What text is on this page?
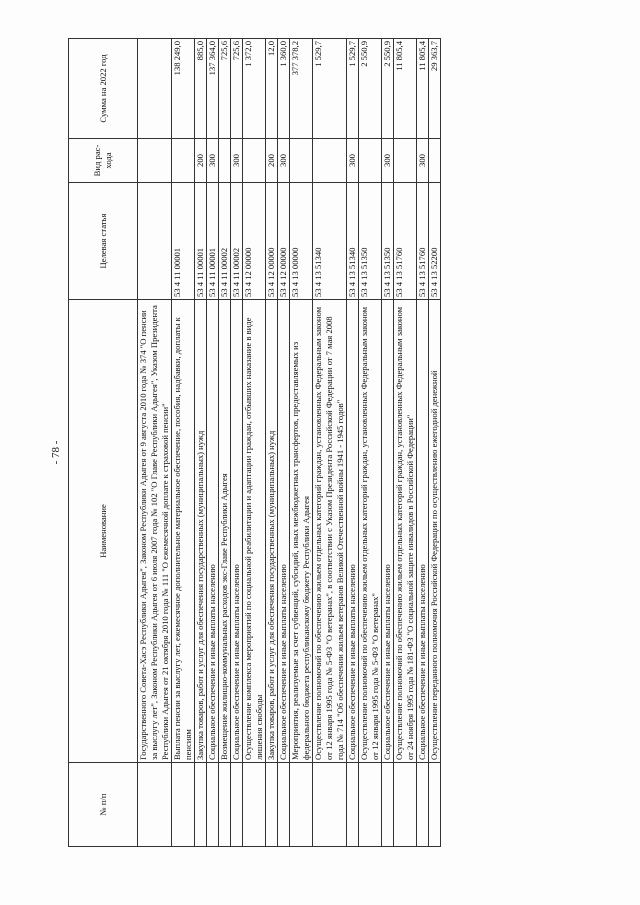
- 78 -
№ п/п	Наименование	Целевая статья	Вид рас-хода	Сумма на 2022 год
	Государственного Совета-Хасэ Республики Адыгея", Законом Республики Адыгея от 9 августа 2010 года № 374 "О пенсии за выслугу лет", Законом Республики Адыгея от 6 июля 2007 года № 102 "О Главе Республики Адыгея", Указом Президента Республики Адыгея от 21 октября 2010 года № 111 "О ежемесячной доплате к страховой пенсии"			
	Выплата пенсии за выслугу лет, ежемесячное дополнительное материальное обеспечение, пособия, надбавки, доплаты к пенсиям	53 4 11 00001		138 249,0
	Закупка товаров, работ и услуг для обеспечения государственных (муниципальных) нужд	53 4 11 00001	200	885,0
	Социальное обеспечение и иные выплаты населению	53 4 11 00001	300	137 364,0
	Возмещение жилищно-коммунальных расходов экс-Главе Республики Адыгея	53 4 11 00002		725,6
	Социальное обеспечение и иные выплаты населению	53 4 11 00002	300	725,6
	Осуществление комплекса мероприятий по социальной реабилитации и адаптации граждан, отбывших наказание в виде лишения свободы	53 4 12 00000		1 372,0
	Закупка товаров, работ и услуг для обеспечения государственных (муниципальных) нужд	53 4 12 00000	200	12,0
	Социальное обеспечение и иные выплаты населению	53 4 12 00000	300	1 360,0
	Мероприятия, реализуемые за счет субвенций, субсидий, иных межбюджетных трансфертов, предоставляемых из федерального бюджета республиканскому бюджету Республики Адыгея	53 4 13 00000		377 378,2
	Осуществление полномочий по обеспечению жильем отдельных категорий граждан, установленных Федеральным законом от 12 января 1995 года № 5-ФЗ "О ветеранах", в соответствии с Указом Президента Российской Федерации от 7 мая 2008 года № 714 "Об обеспечении жильем ветеранов Великой Отечественной войны 1941 - 1945 годов"	53 4 13 51340		1 529,7
	Социальное обеспечение и иные выплаты населению	53 4 13 51340	300	1 529,7
	Осуществление полномочий по обеспечению жильем отдельных категорий граждан, установленных Федеральным законом от 12 января 1995 года № 5-ФЗ "О ветеранах"	53 4 13 51350		2 550,9
	Социальное обеспечение и иные выплаты населению	53 4 13 51350	300	2 550,9
	Осуществление полномочий по обеспечению жильем отдельных категорий граждан, установленных Федеральным законом от 24 ноября 1995 года № 181-ФЗ "О социальной защите инвалидов в Российской Федерации"	53 4 13 51760		11 805,4
	Социальное обеспечение и иные выплаты населению	53 4 13 51760	300	11 805,4
	Осуществление переданного полномочия Российской Федерации по осуществлению ежегодной денежной	53 4 13 52200		29 363,7
